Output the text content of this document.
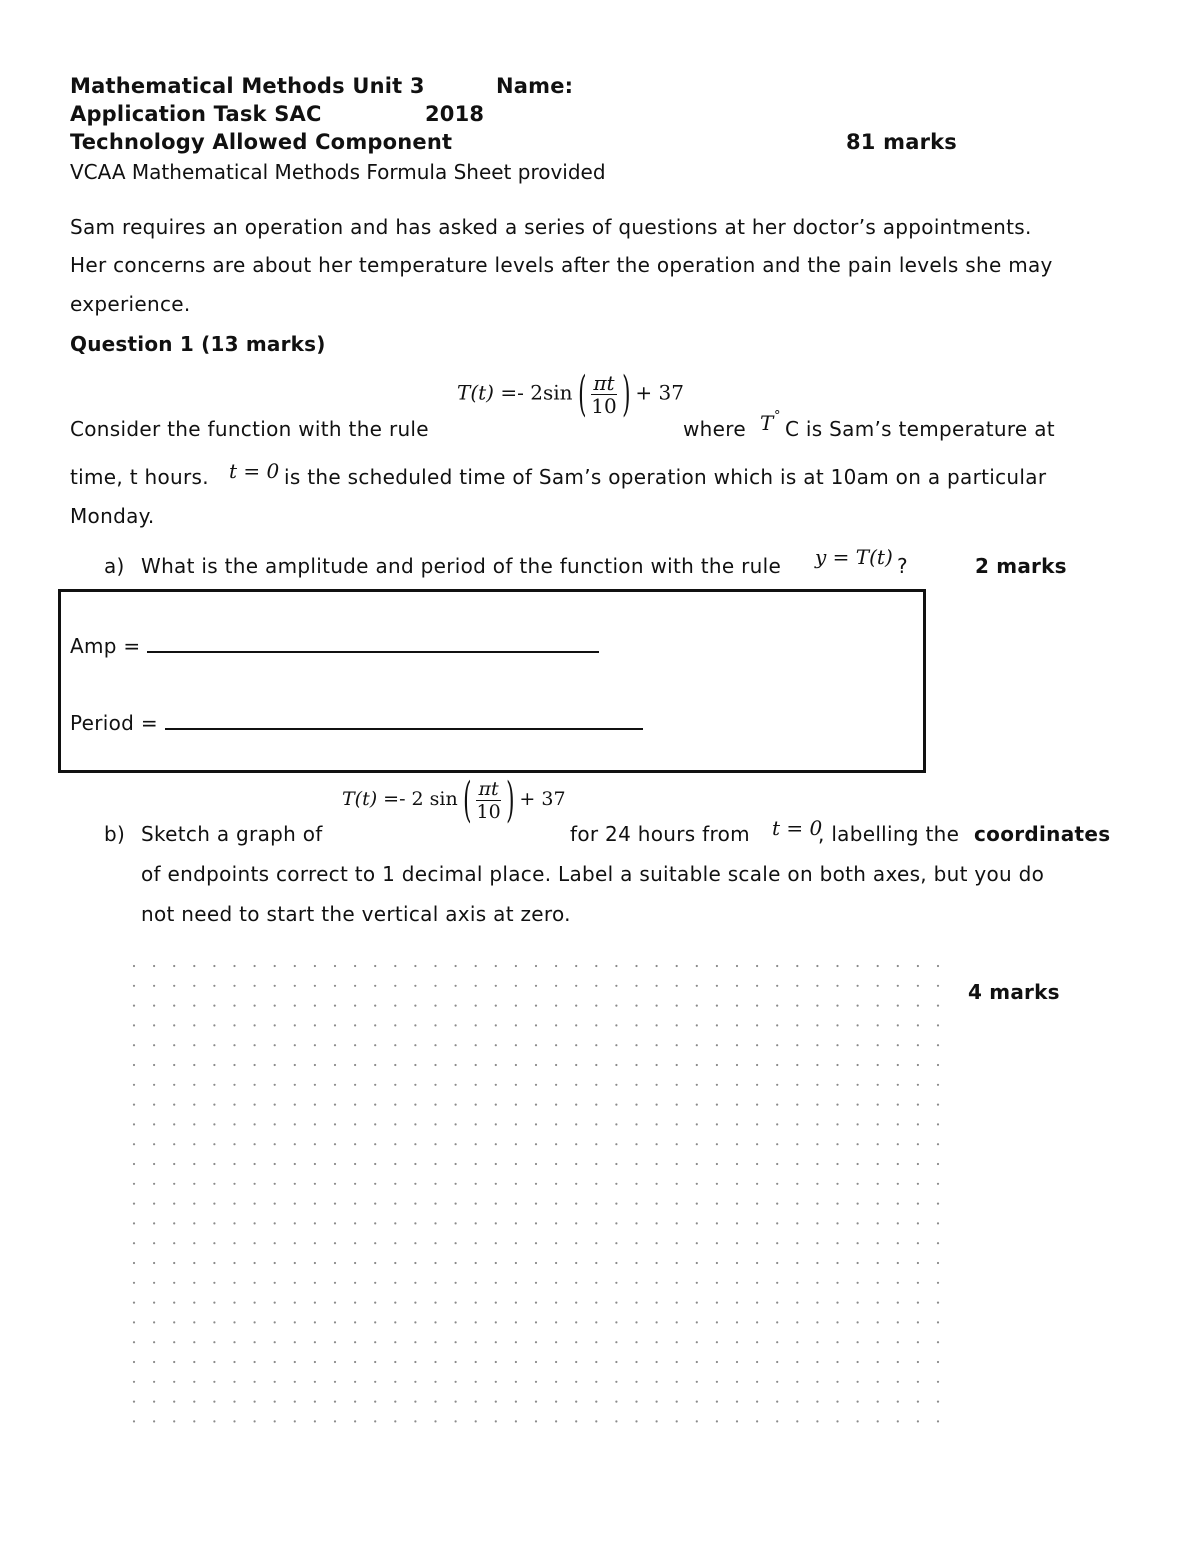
Mathematical Methods Unit 3	Name:
Application Task SAC	2018
Technology Allowed Component	81 marks
VCAA Mathematical Methods Formula Sheet provided
Sam requires an operation and has asked a series of questions at her doctor’s appointments.
Her concerns are about her temperature levels after the operation and the pain levels she may
experience.
Question 1 (13 marks)
T(t) =- 2sin ( $\frac{\pi t}{10}$ ) + 37
Consider the function with the rule	where T °
C is Sam’s temperature at
time, t hours. t = 0 is the scheduled time of Sam’s operation which is at 10am on a particular
Monday.
a) What is the amplitude and period of the function with the rule y = T(t) ?	2 marks
Amp =
Period =
T(t) =- 2 sin ( $\frac{\pi t}{10}$ ) + 37
b) Sketch a graph of	for 24 hours from t = 0
, labelling the coordinates
of endpoints correct to 1 decimal place. Label a suitable scale on both axes, but you do
not need to start the vertical axis at zero.
4 marks
